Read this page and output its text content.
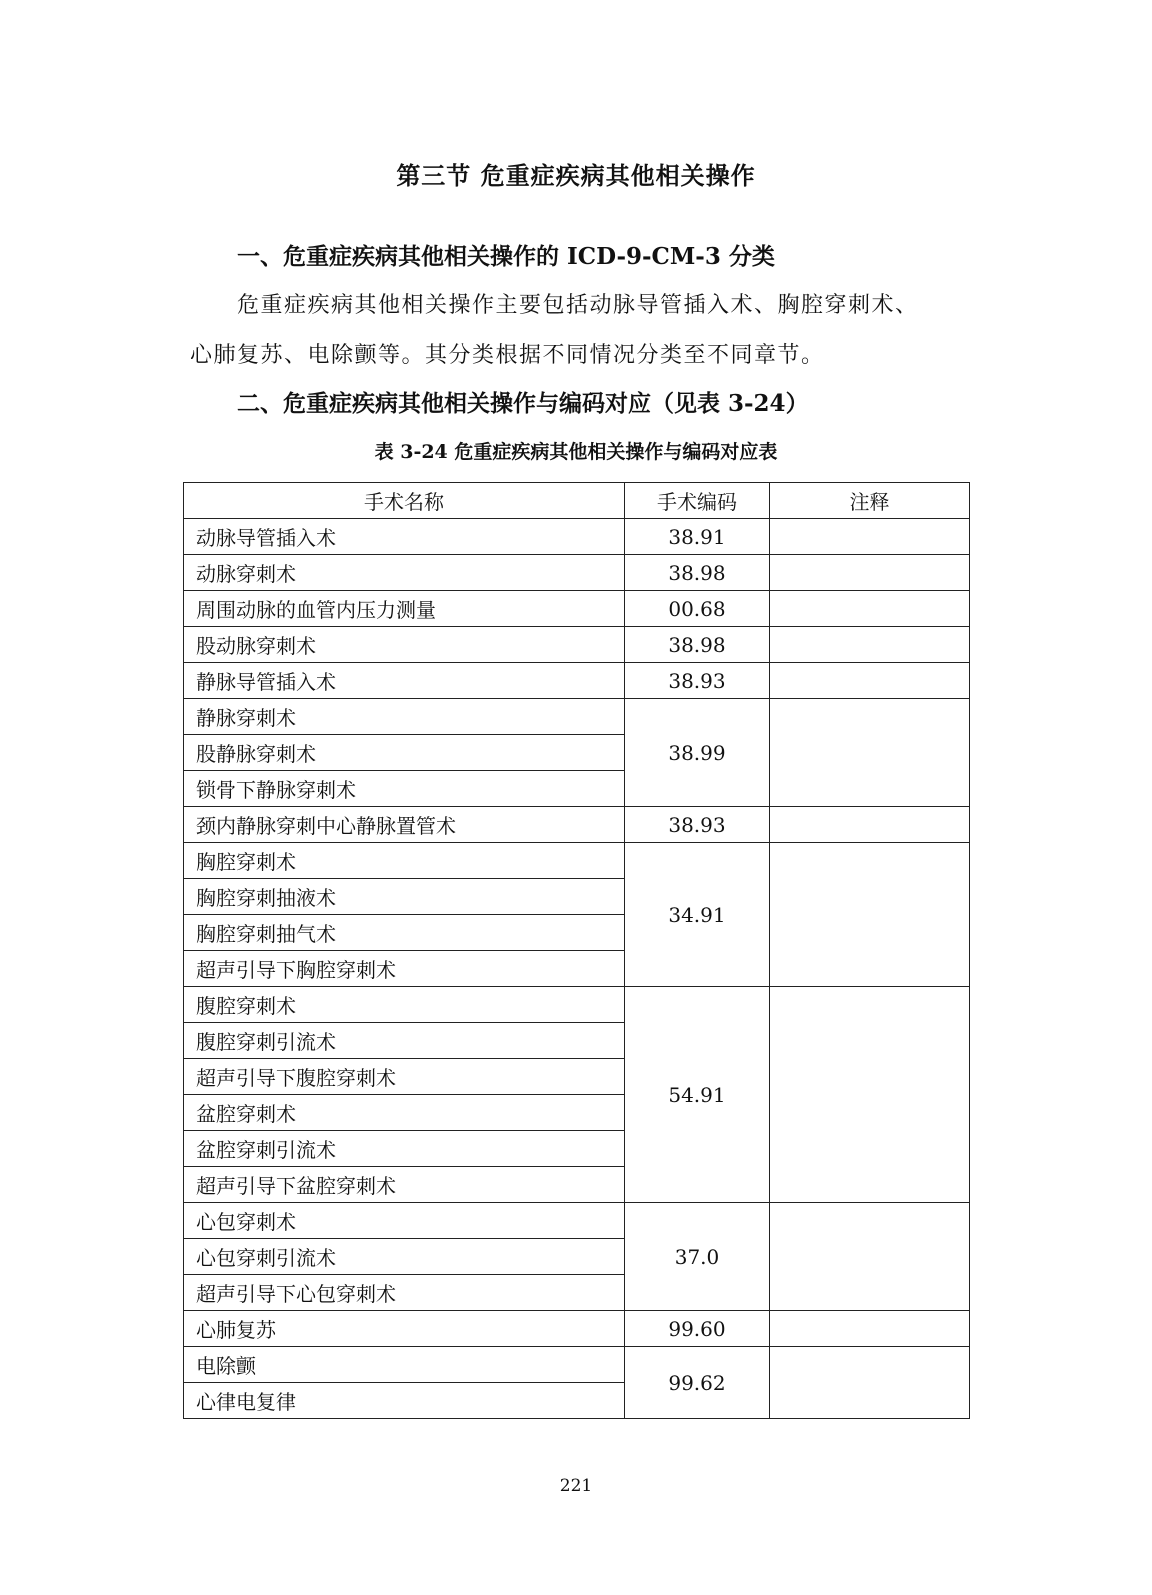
第三节 危重症疾病其他相关操作
一、危重症疾病其他相关操作的 ICD-9-CM-3 分类
危重症疾病其他相关操作主要包括动脉导管插入术、胸腔穿刺术、
心肺复苏、电除颤等。其分类根据不同情况分类至不同章节。
二、危重症疾病其他相关操作与编码对应（见表 3-24）
表 3-24 危重症疾病其他相关操作与编码对应表
手术名称	手术编码	注释
动脉导管插入术	38.91	
动脉穿刺术	38.98	
周围动脉的血管内压力测量	00.68	
股动脉穿刺术	38.98	
静脉导管插入术	38.93	
静脉穿刺术	38.99	
股静脉穿刺术		
锁骨下静脉穿刺术		
颈内静脉穿刺中心静脉置管术	38.93	
胸腔穿刺术	34.91	
胸腔穿刺抽液术		
胸腔穿刺抽气术		
超声引导下胸腔穿刺术		
腹腔穿刺术	54.91	
腹腔穿刺引流术		
超声引导下腹腔穿刺术		
盆腔穿刺术		
盆腔穿刺引流术		
超声引导下盆腔穿刺术		
心包穿刺术	37.0	
心包穿刺引流术		
超声引导下心包穿刺术		
心肺复苏	99.60	
电除颤	99.62	
心律电复律		
221
